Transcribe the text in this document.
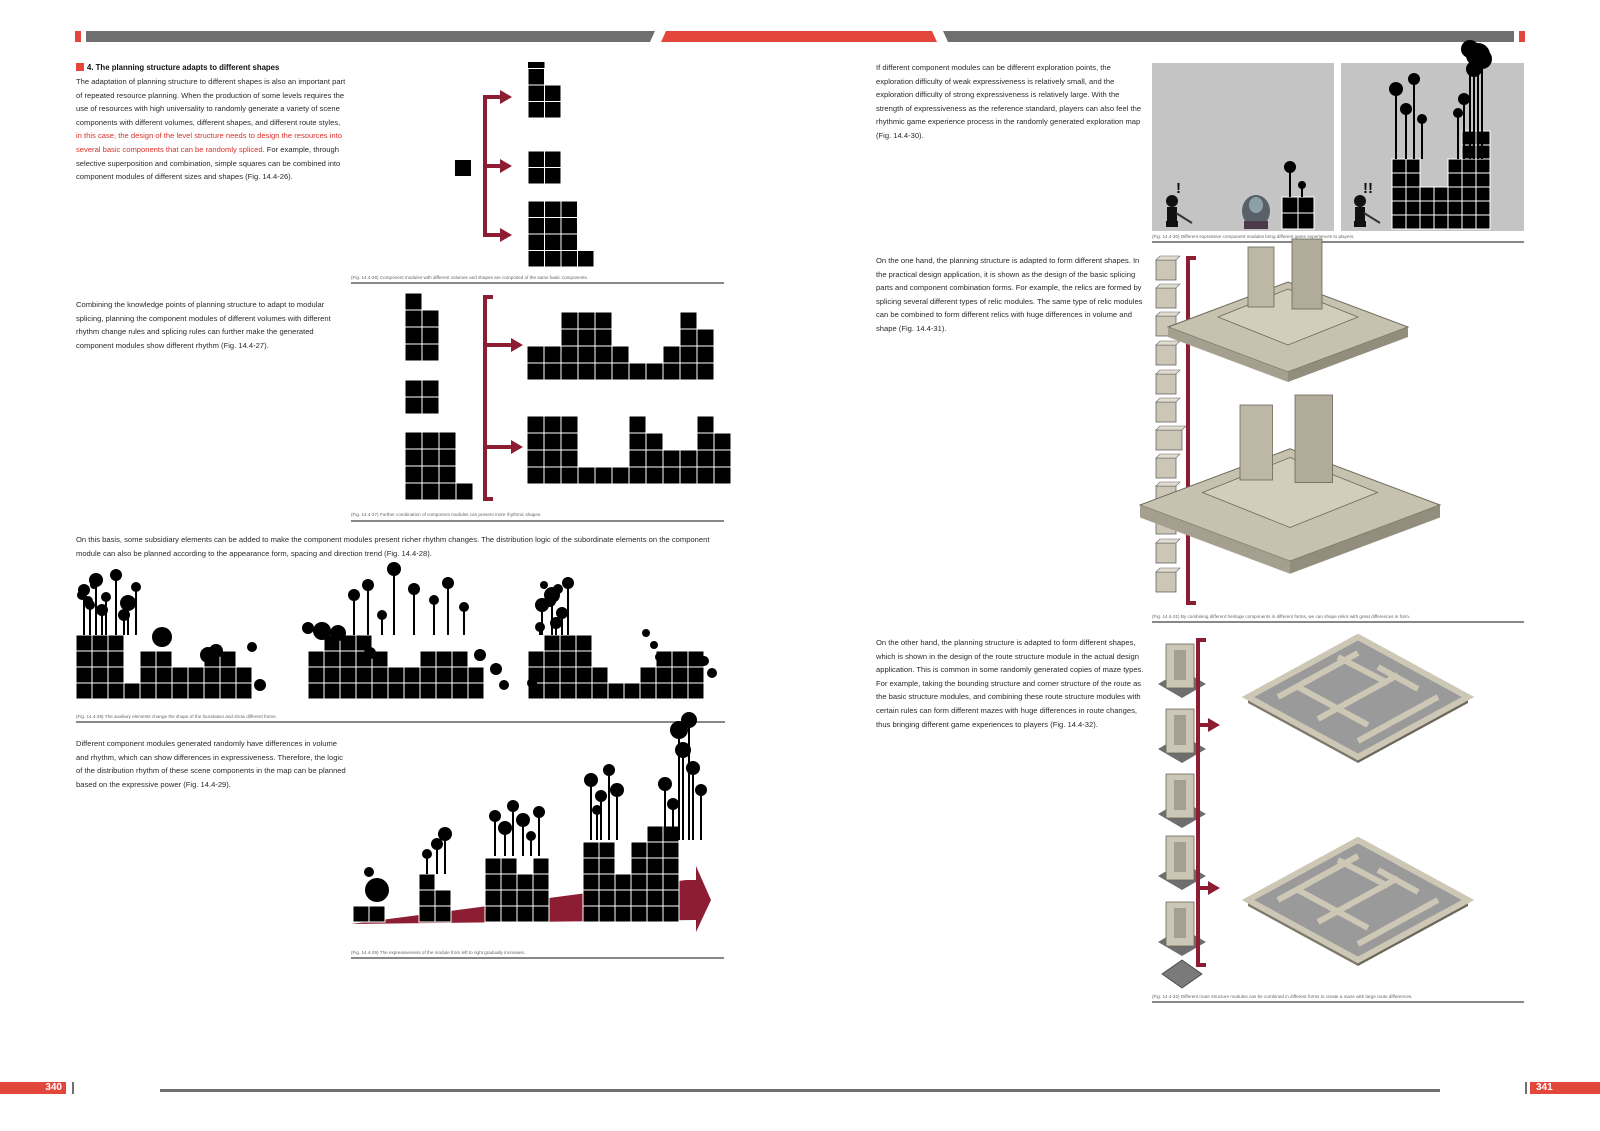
4. The planning structure adapts to different shapes
The adaptation of planning structure to different shapes is also an important part of repeated resource planning. When the production of some levels requires the use of resources with high universality to randomly generate a variety of scene components with different volumes, different shapes, and different route styles, in this case, the design of the level structure needs to design the resources into several basic components that can be randomly spliced. For example, through selective superposition and combination, simple squares can be combined into component modules of different sizes and shapes (Fig. 14.4-26).
Combining the knowledge points of planning structure to adapt to modular splicing, planning the component modules of different volumes with different rhythm change rules and splicing rules can further make the generated component modules show different rhythm (Fig. 14.4-27).
On this basis, some subsidiary elements can be added to make the component modules present richer rhythm changes. The distribution logic of the subordinate elements on the component module can also be planned according to the appearance form, spacing and direction trend (Fig. 14.4-28).
Different component modules generated randomly have differences in volume and rhythm, which can show differences in expressiveness. Therefore, the logic of the distribution rhythm of these scene components in the map can be planned based on the expressive power (Fig. 14.4-29).
(Fig. 14.4-26) Component modules with different volumes and shapes are composed of the same basic components.
(Fig. 14.4-27) Further combination of component modules can present more rhythmic shapes.
(Fig. 14.4-28) The auxiliary elements change the shape of the foundation and show different forms.
(Fig. 14.4-29) The expressiveness of the module from left to right gradually increases.
If different component modules can be different exploration points, the exploration difficulty of weak expressiveness is relatively small, and the exploration difficulty of strong expressiveness is relatively large. With the strength of expressiveness as the reference standard, players can also feel the rhythmic game experience process in the randomly generated exploration map (Fig. 14.4-30).
On the one hand, the planning structure is adapted to form different shapes. In the practical design application, it is shown as the design of the basic splicing parts and component combination forms. For example, the relics are formed by splicing several different types of relic modules. The same type of relic modules can be combined to form different relics with huge differences in volume and shape (Fig. 14.4-31).
On the other hand, the planning structure is adapted to form different shapes, which is shown in the design of the route structure module in the actual design application. This is common in some randomly generated copies of maze types. For example, taking the bounding structure and corner structure of the route as the basic structure modules, and combining these route structure modules with certain rules can form different mazes with huge differences in route changes, thus bringing different game experiences to players (Fig. 14.4-32).
!	!!
(Fig. 14.4-30) Different expressive component modules bring different game experiences to players.
(Fig. 14.4-31) By combining different heritage components in different forms, we can shape relics with great differences in form.
(Fig. 14.4-32) Different route structure modules can be combined in different forms to create a maze with large route differences.
340	341
